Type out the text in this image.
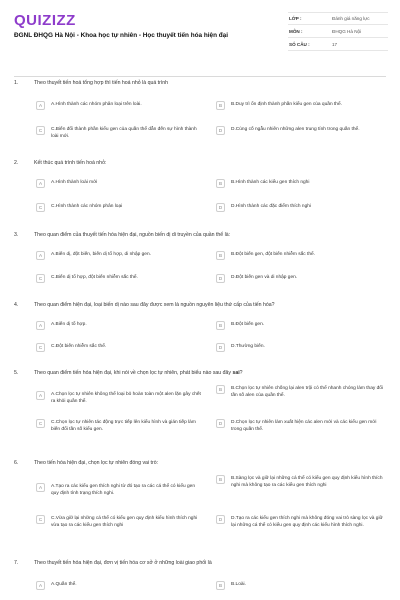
QUIZIZZ
ĐGNL ĐHQG Hà Nội - Khoa học tự nhiên - Học thuyết tiến hóa hiện đại
LỚP :	Đánh giá năng lực
MÔN :	ĐHQG Hà Nội
SỐ CÂU :	17
1.	Theo thuyết tiến hoá tổng hợp thì tiến hoá nhỏ là quá trình
A	A.Hình thành các nhóm phân loại trên loài.	B	B.Duy trì ổn định thành phần kiểu gen của quần thể.
C	C.Biến đổi thành phần kiểu gen của quần thể dẫn đến sự hình thành loài mới.
D	D.Củng cố ngẫu nhiên những alen trung tính trong quần thể.
2.	Kết thúc quá trình tiến hoá nhỏ:
A	A.Hình thành loài mới	B	B.Hình thành các kiểu gen thích nghi
C	C.Hình thành các nhóm phân loại	D	D.Hình thành các đặc điểm thích nghi
3.	Theo quan điểm của thuyết tiến hóa hiện đại, nguồn biến dị di truyền của quần thể là:
A	A.Biến dị, đột biến, biến dị tổ hợp, di nhập gen.	B	B.Đột biến gen, đột biến nhiễm sắc thể.
C	C.Biến dị tổ hợp, đột biến nhiễm sắc thể.	D	D.Đột biến gen và di nhập gen.
4.	Theo quan điểm hiện đại, loại biến dị nào sau đây được xem là nguồn nguyên liệu thứ cấp của tiến hóa?
A	A.Biến dị tổ hợp.	B	B.Đột biến gen.
C	C.Đột biến nhiễm sắc thể.	D	D.Thường biến.
5.	Theo quan điểm tiến hóa hiện đại, khi nói về chọn lọc tự nhiên, phát biểu nào sau đây sai?
A	A.Chọn lọc tự nhiên không thể loại bỏ hoàn toàn một alen lặn gây chết ra khỏi quần thể.
B	B.Chọn lọc tự nhiên chống lại alen trội có thể nhanh chóng làm thay đổi tần số alen của quần thể.
C	C.Chọn lọc tự nhiên tác động trực tiếp lên kiểu hình và gián tiếp làm biến đổi tần số kiểu gen.
D	D.Chọn lọc tự nhiên làm xuất hiện các alen mới và các kiểu gen mới trong quần thể.
6.	Theo tiến hóa hiện đại, chọn lọc tự nhiên đóng vai trò:
A	A.Tạo ra các kiểu gen thích nghi từ đó tạo ra các cá thể có kiểu gen quy định tính trạng thích nghi.
B	B.Sàng lọc và giữ lại những cá thể có kiểu gen quy định kiểu hình thích nghi mà không tạo ra các kiểu gen thích nghi
C	C.Vừa giữ lại những cá thể có kiểu gen quy định kiểu hình thích nghi vừa tạo ra các kiểu gen thích nghi
D	D.Tạo ra các kiểu gen thích nghi mà không đóng vai trò sàng lọc và giữ lại những cá thể có kiểu gen quy định các kiểu hình thích nghi.
7.	Theo thuyết tiến hóa hiện đại, đơn vị tiến hóa cơ sở ở những loài giao phối là
A	A.Quần thể.	B	B.Loài.
